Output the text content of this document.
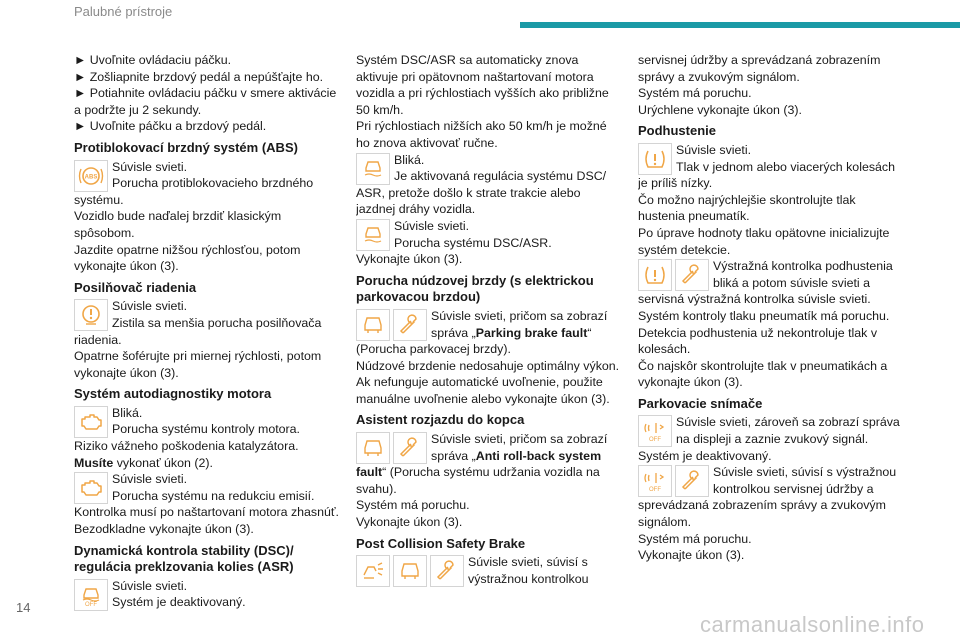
Palubné prístroje

► Uvoľnite ovládaciu páčku.

► Zošliapnite brzdový pedál a nepúšťajte ho.

► Potiahnite ovládaciu páčku v smere aktivácie a podržte ju 2 sekundy.

► Uvoľnite páčku a brzdový pedál.

Protiblokovací brzdný systém (ABS)
ABS

Súvisle svieti.

Porucha protiblokovacieho brzdného systému.

Vozidlo bude naďalej brzdiť klasickým spôsobom.
Jazdite opatrne nižšou rýchlosťou, potom vykonajte úkon (3).

Posilňovač riadenia

Súvisle svieti.

Zistila sa menšia porucha posilňovača riadenia.

Opatrne šoférujte pri miernej rýchlosti, potom vykonajte úkon (3).

Systém autodiagnostiky motora

Bliká.

Porucha systému kontroly motora.

Riziko vážneho poškodenia katalyzátora.

Musíte vykonať úkon (2).

Súvisle svieti.

Porucha systému na redukciu emisií.

Kontrolka musí po naštartovaní motora zhasnúť.

Bezodkladne vykonajte úkon (3).

Dynamická kontrola stability (DSC)/ regulácia preklzovania kolies (ASR)
OFF

Súvisle svieti.

Systém je deaktivovaný.

Systém DSC/ASR sa automaticky znova aktivuje pri opätovnom naštartovaní motora vozidla a pri rýchlostiach vyšších ako približne 50 km/h.
Pri rýchlostiach nižších ako 50 km/h je možné ho znova aktivovať ručne.

Bliká.

Je aktivovaná regulácia systému DSC/ ASR, pretože došlo k strate trakcie alebo jazdnej dráhy vozidla.

Súvisle svieti.

Porucha systému DSC/ASR.

Vykonajte úkon (3).

Porucha núdzovej brzdy (s elektrickou parkovacou brzdou)

Súvisle svieti, pričom sa zobrazí správa „Parking brake fault“ (Porucha parkovacej brzdy).

Núdzové brzdenie nedosahuje optimálny výkon.
Ak nefunguje automatické uvoľnenie, použite manuálne uvoľnenie alebo vykonajte úkon (3).

Asistent rozjazdu do kopca

Súvisle svieti, pričom sa zobrazí správa „Anti roll-back system fault“ (Porucha systému udržania vozidla na svahu).

Systém má poruchu.
Vykonajte úkon (3).

Post Collision Safety Brake

Súvisle svieti, súvisí s výstražnou kontrolkou

servisnej údržby a sprevádzaná zobrazením správy a zvukovým signálom.
Systém má poruchu.
Urýchlene vykonajte úkon (3).

Podhustenie

Súvisle svieti.

Tlak v jednom alebo viacerých kolesách je príliš nízky.

Čo možno najrýchlejšie skontrolujte tlak hustenia pneumatík.
Po úprave hodnoty tlaku opätovne inicializujte systém detekcie.

Výstražná kontrolka podhustenia bliká a potom súvisle svieti a servisná výstražná kontrolka súvisle svieti.

Systém kontroly tlaku pneumatík má poruchu.
Detekcia podhustenia už nekontroluje tlak v kolesách.
Čo najskôr skontrolujte tlak v pneumatikách a vykonajte úkon (3).

Parkovacie snímače
OFF

Súvisle svieti, zároveň sa zobrazí správa na displeji a zaznie zvukový signál.

Systém je deaktivovaný.

OFF

Súvisle svieti, súvisí s výstražnou kontrolkou servisnej údržby a sprevádzaná zobrazením správy a zvukovým signálom.

Systém má poruchu.
Vykonajte úkon (3).

14
carmanualsonline.info
